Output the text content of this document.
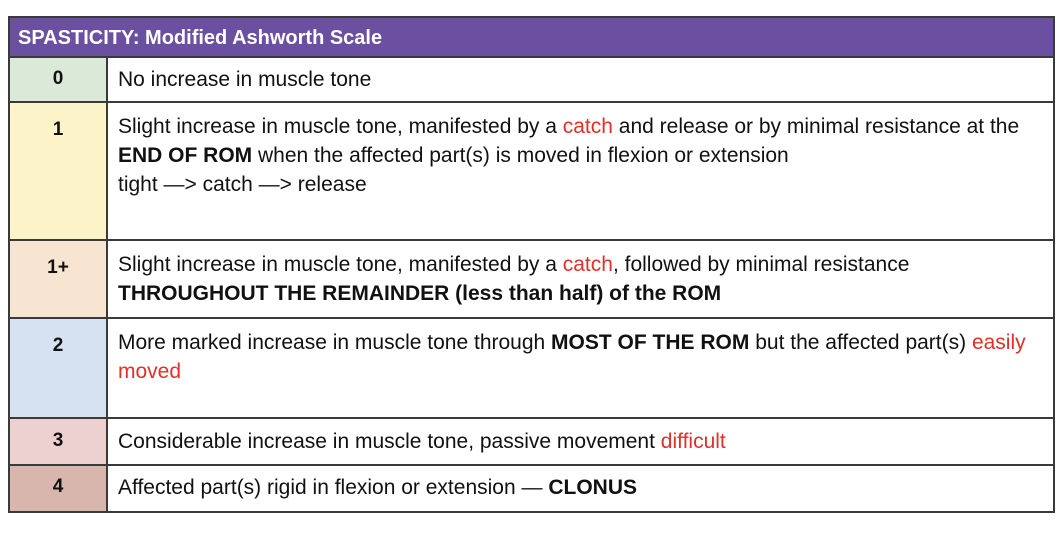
SPASTICITY: Modified Ashworth Scale
0	No increase in muscle tone
1	Slight increase in muscle tone, manifested by a catch and release or by minimal resistance at the END OF ROM when the affected part(s) is moved in flexion or extension

tight —> catch —> release

1+	Slight increase in muscle tone, manifested by a catch, followed by minimal resistance THROUGHOUT THE REMAINDER (less than half) of the ROM

2	More marked increase in muscle tone through MOST OF THE ROM but the affected part(s) easily moved

3	Considerable increase in muscle tone, passive movement difficult
4	Affected part(s) rigid in flexion or extension — CLONUS
